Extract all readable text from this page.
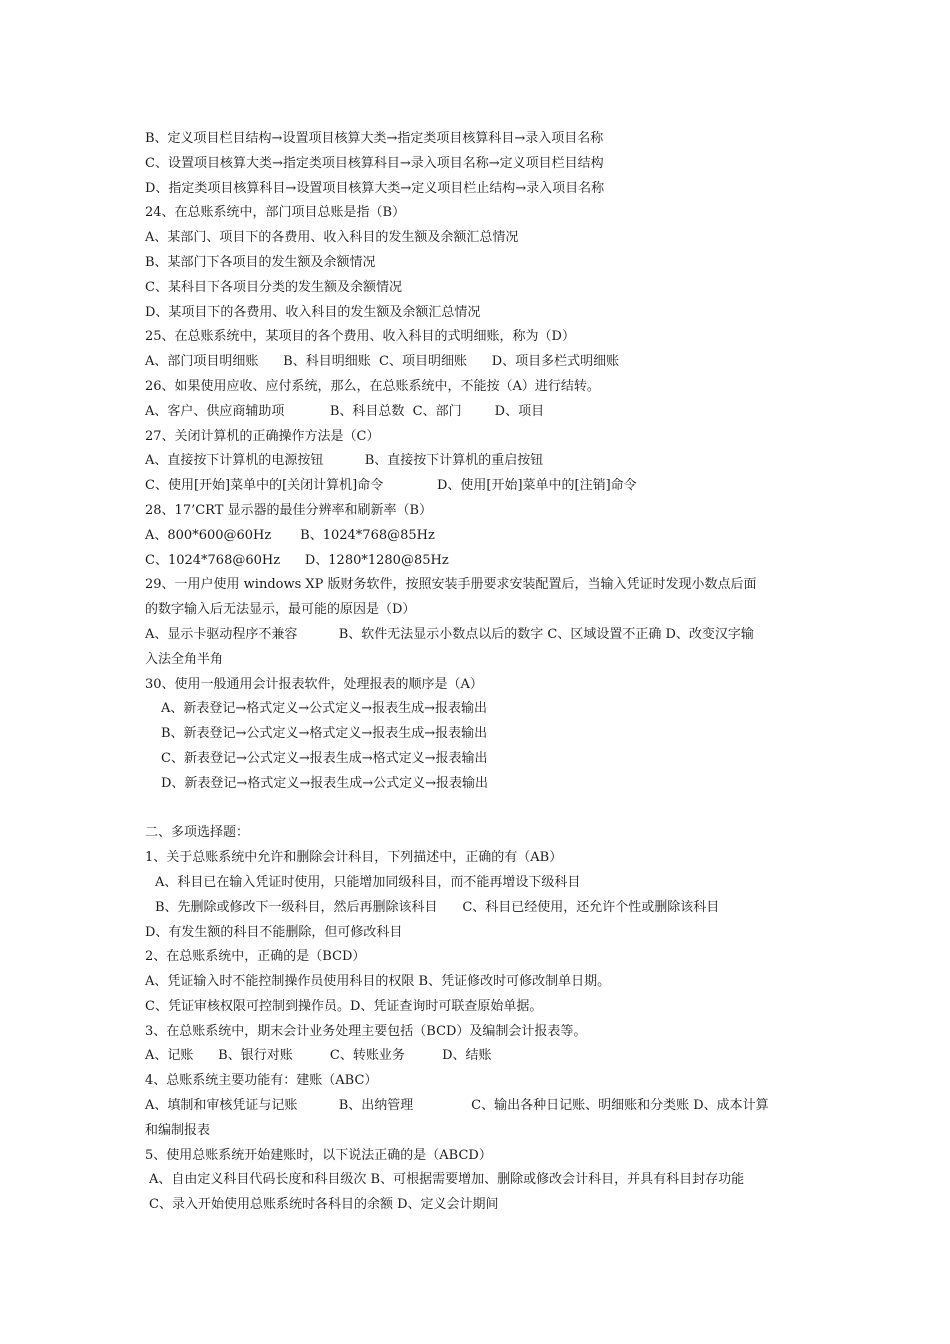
B、定义项目栏目结构→设置项目核算大类→指定类项目核算科目→录入项目名称
C、设置项目核算大类→指定类项目核算科目→录入项目名称→定义项目栏目结构
D、指定类项目核算科目→设置项目核算大类→定义项目栏止结构→录入项目名称
24、在总账系统中，部门项目总账是指（B）
A、某部门、项目下的各费用、收入科目的发生额及余额汇总情况
B、某部门下各项目的发生额及余额情况
C、某科目下各项目分类的发生额及余额情况
D、某项目下的各费用、收入科目的发生额及余额汇总情况
25、在总账系统中，某项目的各个费用、收入科目的式明细账，称为（D）
A、部门项目明细账      B、科目明细账  C、项目明细账      D、项目多栏式明细账
26、如果使用应收、应付系统，那么，在总账系统中，不能按（A）进行结转。
A、客户、供应商辅助项           B、科目总数  C、部门        D、项目
27、关闭计算机的正确操作方法是（C）
A、直接按下计算机的电源按钮          B、直接按下计算机的重启按钮
C、使用[开始]菜单中的[关闭计算机]命令             D、使用[开始]菜单中的[注销]命令
28、17’CRT 显示器的最佳分辨率和刷新率（B）
A、800*600@60Hz       B、1024*768@85Hz
C、1024*768@60Hz      D、1280*1280@85Hz
29、一用户使用 windows XP 版财务软件，按照安装手册要求安装配置后，当输入凭证时发现小数点后面
的数字输入后无法显示，最可能的原因是（D）
A、显示卡驱动程序不兼容          B、软件无法显示小数点以后的数字 C、区域设置不正确 D、改变汉字输
入法全角半角
30、使用一般通用会计报表软件，处理报表的顺序是（A）
A、新表登记→格式定义→公式定义→报表生成→报表输出
B、新表登记→公式定义→格式定义→报表生成→报表输出
C、新表登记→公式定义→报表生成→格式定义→报表输出
D、新表登记→格式定义→报表生成→公式定义→报表输出
二、多项选择题：
1、关于总账系统中允许和删除会计科目，下列描述中，正确的有（AB）
A、科目已在输入凭证时使用，只能增加同级科目，而不能再增设下级科目
B、先删除或修改下一级科目，然后再删除该科目      C、科目已经使用，还允许个性或删除该科目
D、有发生额的科目不能删除，但可修改科目
2、在总账系统中，正确的是（BCD）
A、凭证输入时不能控制操作员使用科目的权限 B、凭证修改时可修改制单日期。
C、凭证审核权限可控制到操作员。D、凭证查询时可联查原始单据。
3、在总账系统中，期末会计业务处理主要包括（BCD）及编制会计报表等。
A、记账      B、银行对账         C、转账业务         D、结账
4、总账系统主要功能有：建账（ABC）
A、填制和审核凭证与记账          B、出纳管理              C、输出各种日记账、明细账和分类账 D、成本计算
和编制报表
5、使用总账系统开始建账时，以下说法正确的是（ABCD）
A、自由定义科目代码长度和科目级次 B、可根据需要增加、删除或修改会计科目，并具有科目封存功能
C、录入开始使用总账系统时各科目的余额 D、定义会计期间
